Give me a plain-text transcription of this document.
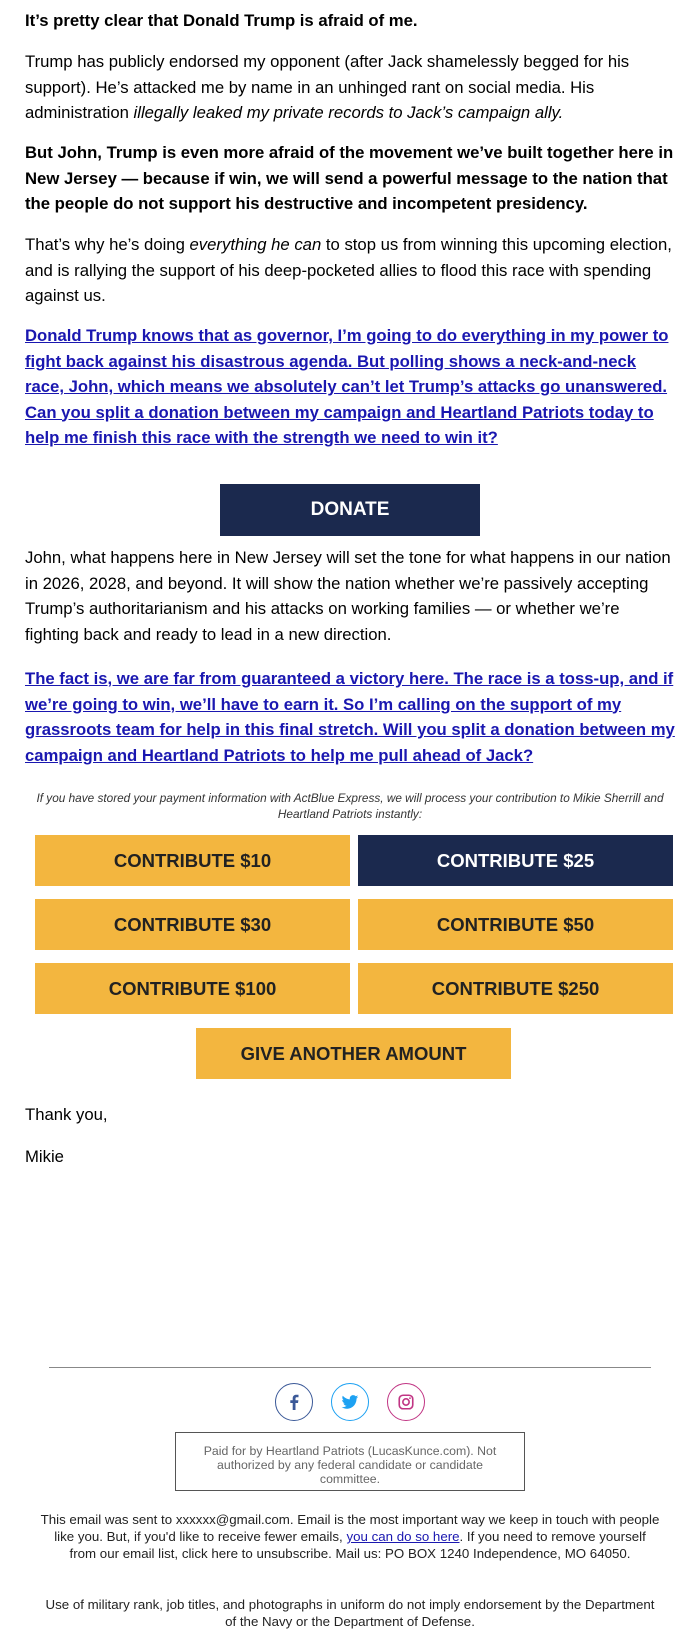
It’s pretty clear that Donald Trump is afraid of me.

Trump has publicly endorsed my opponent (after Jack shamelessly begged for his support). He’s attacked me by name in an unhinged rant on social media. His administration illegally leaked my private records to Jack’s campaign ally.

But John, Trump is even more afraid of the movement we’ve built together here in New Jersey — because if win, we will send a powerful message to the nation that the people do not support his destructive and incompetent presidency.

That’s why he’s doing everything he can to stop us from winning this upcoming election, and is rallying the support of his deep-pocketed allies to flood this race with spending against us.

Donald Trump knows that as governor, I’m going to do everything in my power to fight back against his disastrous agenda. But polling shows a neck-and-neck race, John, which means we absolutely can’t let Trump’s attacks go unanswered. Can you split a donation between my campaign and Heartland Patriots today to help me finish this race with the strength we need to win it?

DONATE

John, what happens here in New Jersey will set the tone for what happens in our nation in 2026, 2028, and beyond. It will show the nation whether we’re passively accepting Trump’s authoritarianism and his attacks on working families — or whether we’re fighting back and ready to lead in a new direction.

The fact is, we are far from guaranteed a victory here. The race is a toss-up, and if we’re going to win, we’ll have to earn it. So I’m calling on the support of my grassroots team for help in this final stretch. Will you split a donation between my campaign and Heartland Patriots to help me pull ahead of Jack?

If you have stored your payment information with ActBlue Express, we will process your contribution to Mikie Sherrill and Heartland Patriots instantly:
CONTRIBUTE $10	CONTRIBUTE $25
CONTRIBUTE $30	CONTRIBUTE $50
CONTRIBUTE $100	CONTRIBUTE $250
GIVE ANOTHER AMOUNT

Thank you,

Mikie

Paid for by Heartland Patriots (LucasKunce.com). Not authorized by any federal candidate or candidate committee.

This email was sent to xxxxxx@gmail.com. Email is the most important way we keep in touch with people like you. But, if you'd like to receive fewer emails, you can do so here. If you need to remove yourself from our email list, click here to unsubscribe. Mail us: PO BOX 1240 Independence, MO 64050.

Use of military rank, job titles, and photographs in uniform do not imply endorsement by the Department of the Navy or the Department of Defense.
